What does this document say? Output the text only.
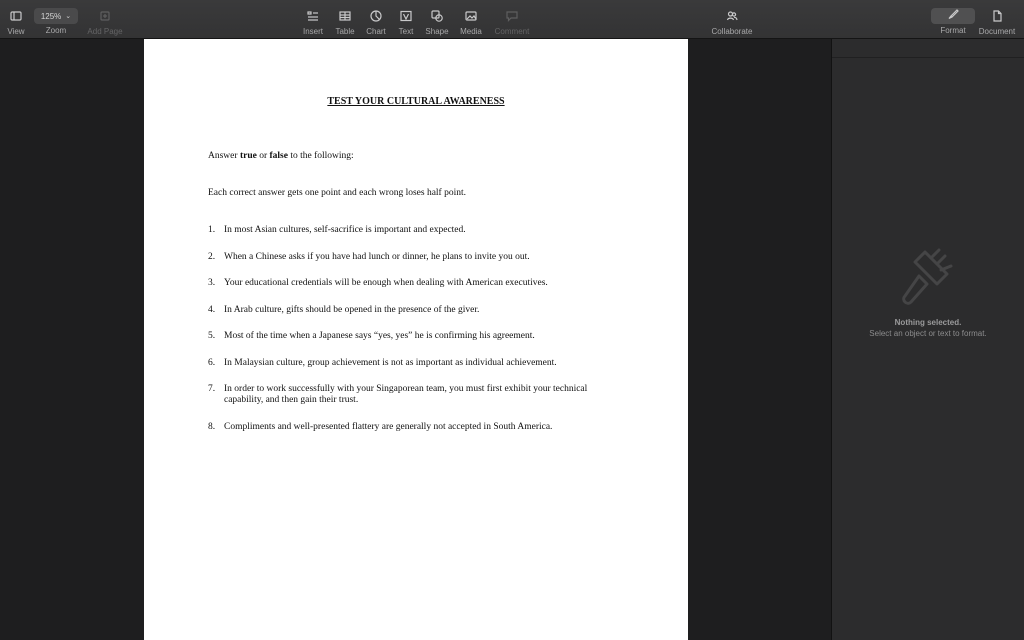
View
125% ⌄
Zoom	Add Page	Insert Table Chart Text Shape Media Comment	Collaborate	Format Document
TEST YOUR CULTURAL AWARENESS
Answer true or false to the following:
Each correct answer gets one point and each wrong loses half point.
1. In most Asian cultures, self-sacrifice is important and expected.
2. When a Chinese asks if you have had lunch or dinner, he plans to invite you out.
3. Your educational credentials will be enough when dealing with American executives.
4. In Arab culture, gifts should be opened in the presence of the giver.
5. Most of the time when a Japanese says “yes, yes” he is confirming his agreement.
6. In Malaysian culture, group achievement is not as important as individual achievement.
7. In order to work successfully with your Singaporean team, you must first exhibit your technical capability, and then gain their trust.
8. Compliments and well-presented flattery are generally not accepted in South America.
Nothing selected.
Select an object or text to format.
